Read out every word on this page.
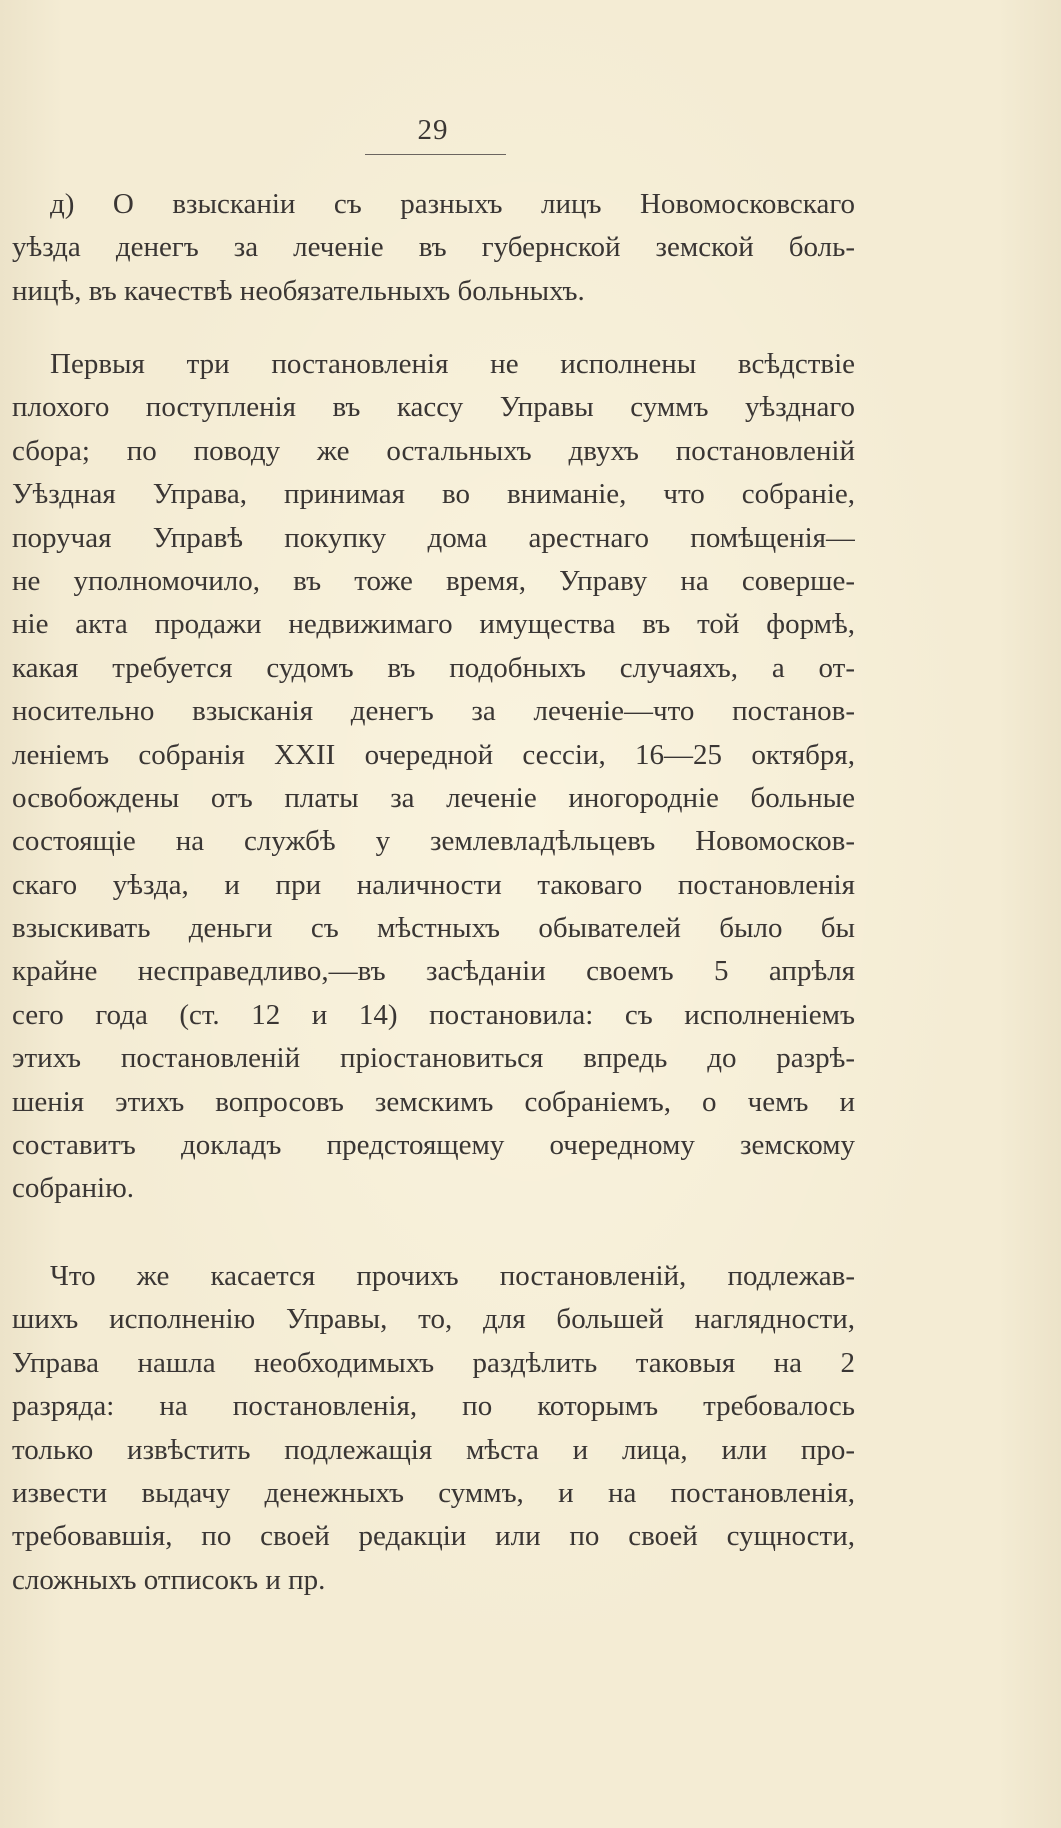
29
д) О взысканіи съ разныхъ лицъ Новомосковскаго
уѣзда денегъ за леченіе въ губернской земской боль-
ницѣ, въ качествѣ необязательныхъ больныхъ.
Первыя три постановленія не исполнены всѣдствіе
плохого поступленія въ кассу Управы суммъ уѣзднаго
сбора; по поводу же остальныхъ двухъ постановленій
Уѣздная Управа, принимая во вниманіе, что собраніе,
поручая Управѣ покупку дома арестнаго помѣщенія—
не уполномочило, въ тоже время, Управу на соверше-
ніе акта продажи недвижимаго имущества въ той формѣ,
какая требуется судомъ въ подобныхъ случаяхъ, а от-
носительно взысканія денегъ за леченіе—что постанов-
леніемъ собранія XXII очередной сессіи, 16—25 октября,
освобождены отъ платы за леченіе иногородніе больные
состоящіе на службѣ у землевладѣльцевъ Новомосков-
скаго уѣзда, и при наличности таковаго постановленія
взыскивать деньги съ мѣстныхъ обывателей было бы
крайне несправедливо,—въ засѣданіи своемъ 5 апрѣля
сего года (ст. 12 и 14) постановила: съ исполненіемъ
этихъ постановленій пріостановиться впредь до разрѣ-
шенія этихъ вопросовъ земскимъ собраніемъ, о чемъ и
составитъ докладъ предстоящему очередному земскому
собранію.
Что же касается прочихъ постановленій, подлежав-
шихъ исполненію Управы, то, для большей наглядности,
Управа нашла необходимыхъ раздѣлить таковыя на 2
разряда: на постановленія, по которымъ требовалось
только извѣстить подлежащія мѣста и лица, или про-
извести выдачу денежныхъ суммъ, и на постановленія,
требовавшія, по своей редакціи или по своей сущности,
сложныхъ отписокъ и пр.
